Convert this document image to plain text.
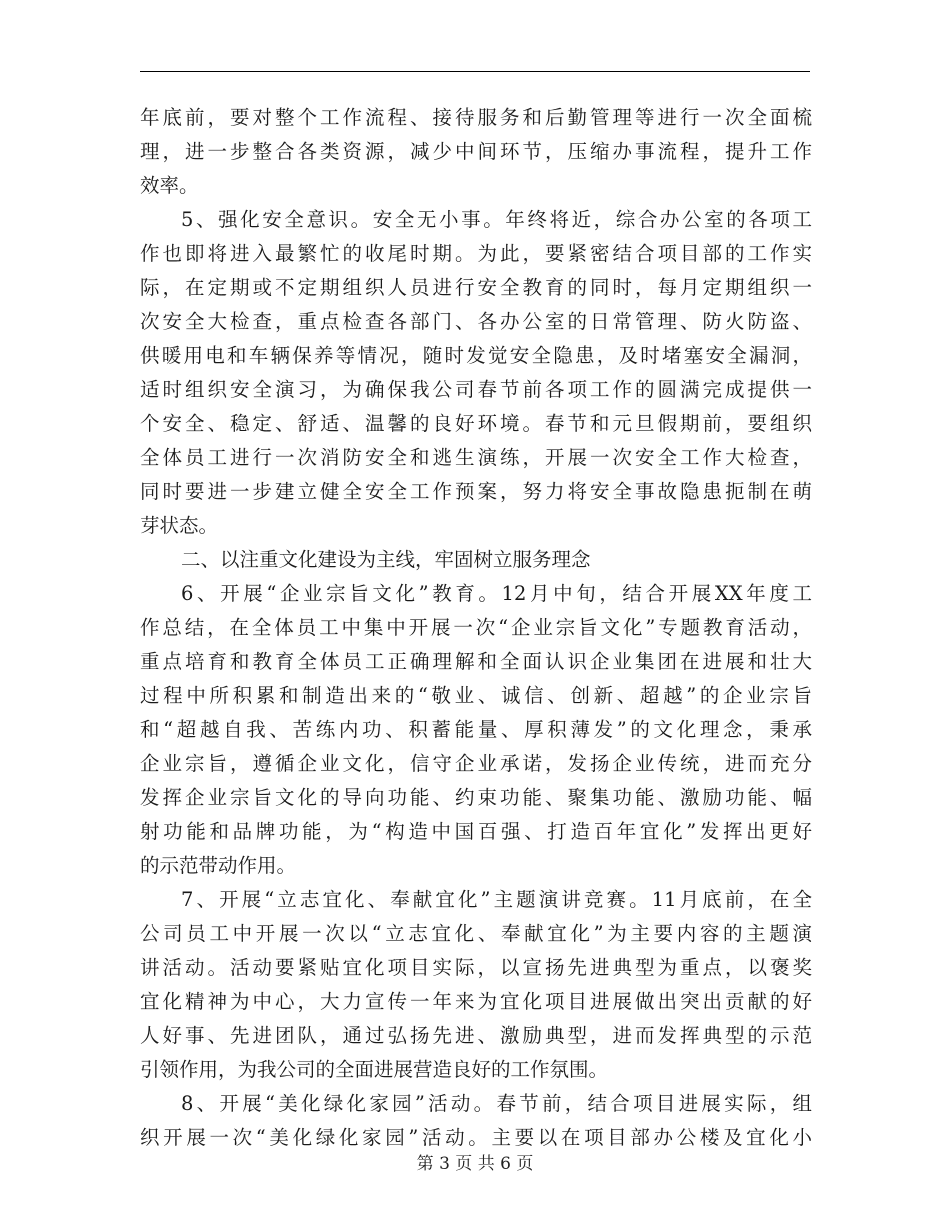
年底前，要对整个工作流程、接待服务和后勤管理等进行一次全面梳
理，进一步整合各类资源，减少中间环节，压缩办事流程，提升工作
效率。
5、强化安全意识。安全无小事。年终将近，综合办公室的各项工
作也即将进入最繁忙的收尾时期。为此，要紧密结合项目部的工作实
际，在定期或不定期组织人员进行安全教育的同时，每月定期组织一
次安全大检查，重点检查各部门、各办公室的日常管理、防火防盗、
供暖用电和车辆保养等情况，随时发觉安全隐患，及时堵塞安全漏洞，
适时组织安全演习，为确保我公司春节前各项工作的圆满完成提供一
个安全、稳定、舒适、温馨的良好环境。春节和元旦假期前，要组织
全体员工进行一次消防安全和逃生演练，开展一次安全工作大检查，
同时要进一步建立健全安全工作预案，努力将安全事故隐患扼制在萌
芽状态。
二、以注重文化建设为主线，牢固树立服务理念
6、开展“企业宗旨文化”教育。12月中旬，结合开展XX年度工
作总结，在全体员工中集中开展一次“企业宗旨文化”专题教育活动，
重点培育和教育全体员工正确理解和全面认识企业集团在进展和壮大
过程中所积累和制造出来的“敬业、诚信、创新、超越”的企业宗旨
和“超越自我、苦练内功、积蓄能量、厚积薄发”的文化理念，秉承
企业宗旨，遵循企业文化，信守企业承诺，发扬企业传统，进而充分
发挥企业宗旨文化的导向功能、约束功能、聚集功能、激励功能、幅
射功能和品牌功能，为“构造中国百强、打造百年宜化”发挥出更好
的示范带动作用。
7、开展“立志宜化、奉献宜化”主题演讲竞赛。11月底前，在全
公司员工中开展一次以“立志宜化、奉献宜化”为主要内容的主题演
讲活动。活动要紧贴宜化项目实际，以宣扬先进典型为重点，以褒奖
宜化精神为中心，大力宣传一年来为宜化项目进展做出突出贡献的好
人好事、先进团队，通过弘扬先进、激励典型，进而发挥典型的示范
引领作用，为我公司的全面进展营造良好的工作氛围。
8、开展“美化绿化家园”活动。春节前，结合项目进展实际，组
织开展一次“美化绿化家园”活动。主要以在项目部办公楼及宜化小
第 3 页 共 6 页
